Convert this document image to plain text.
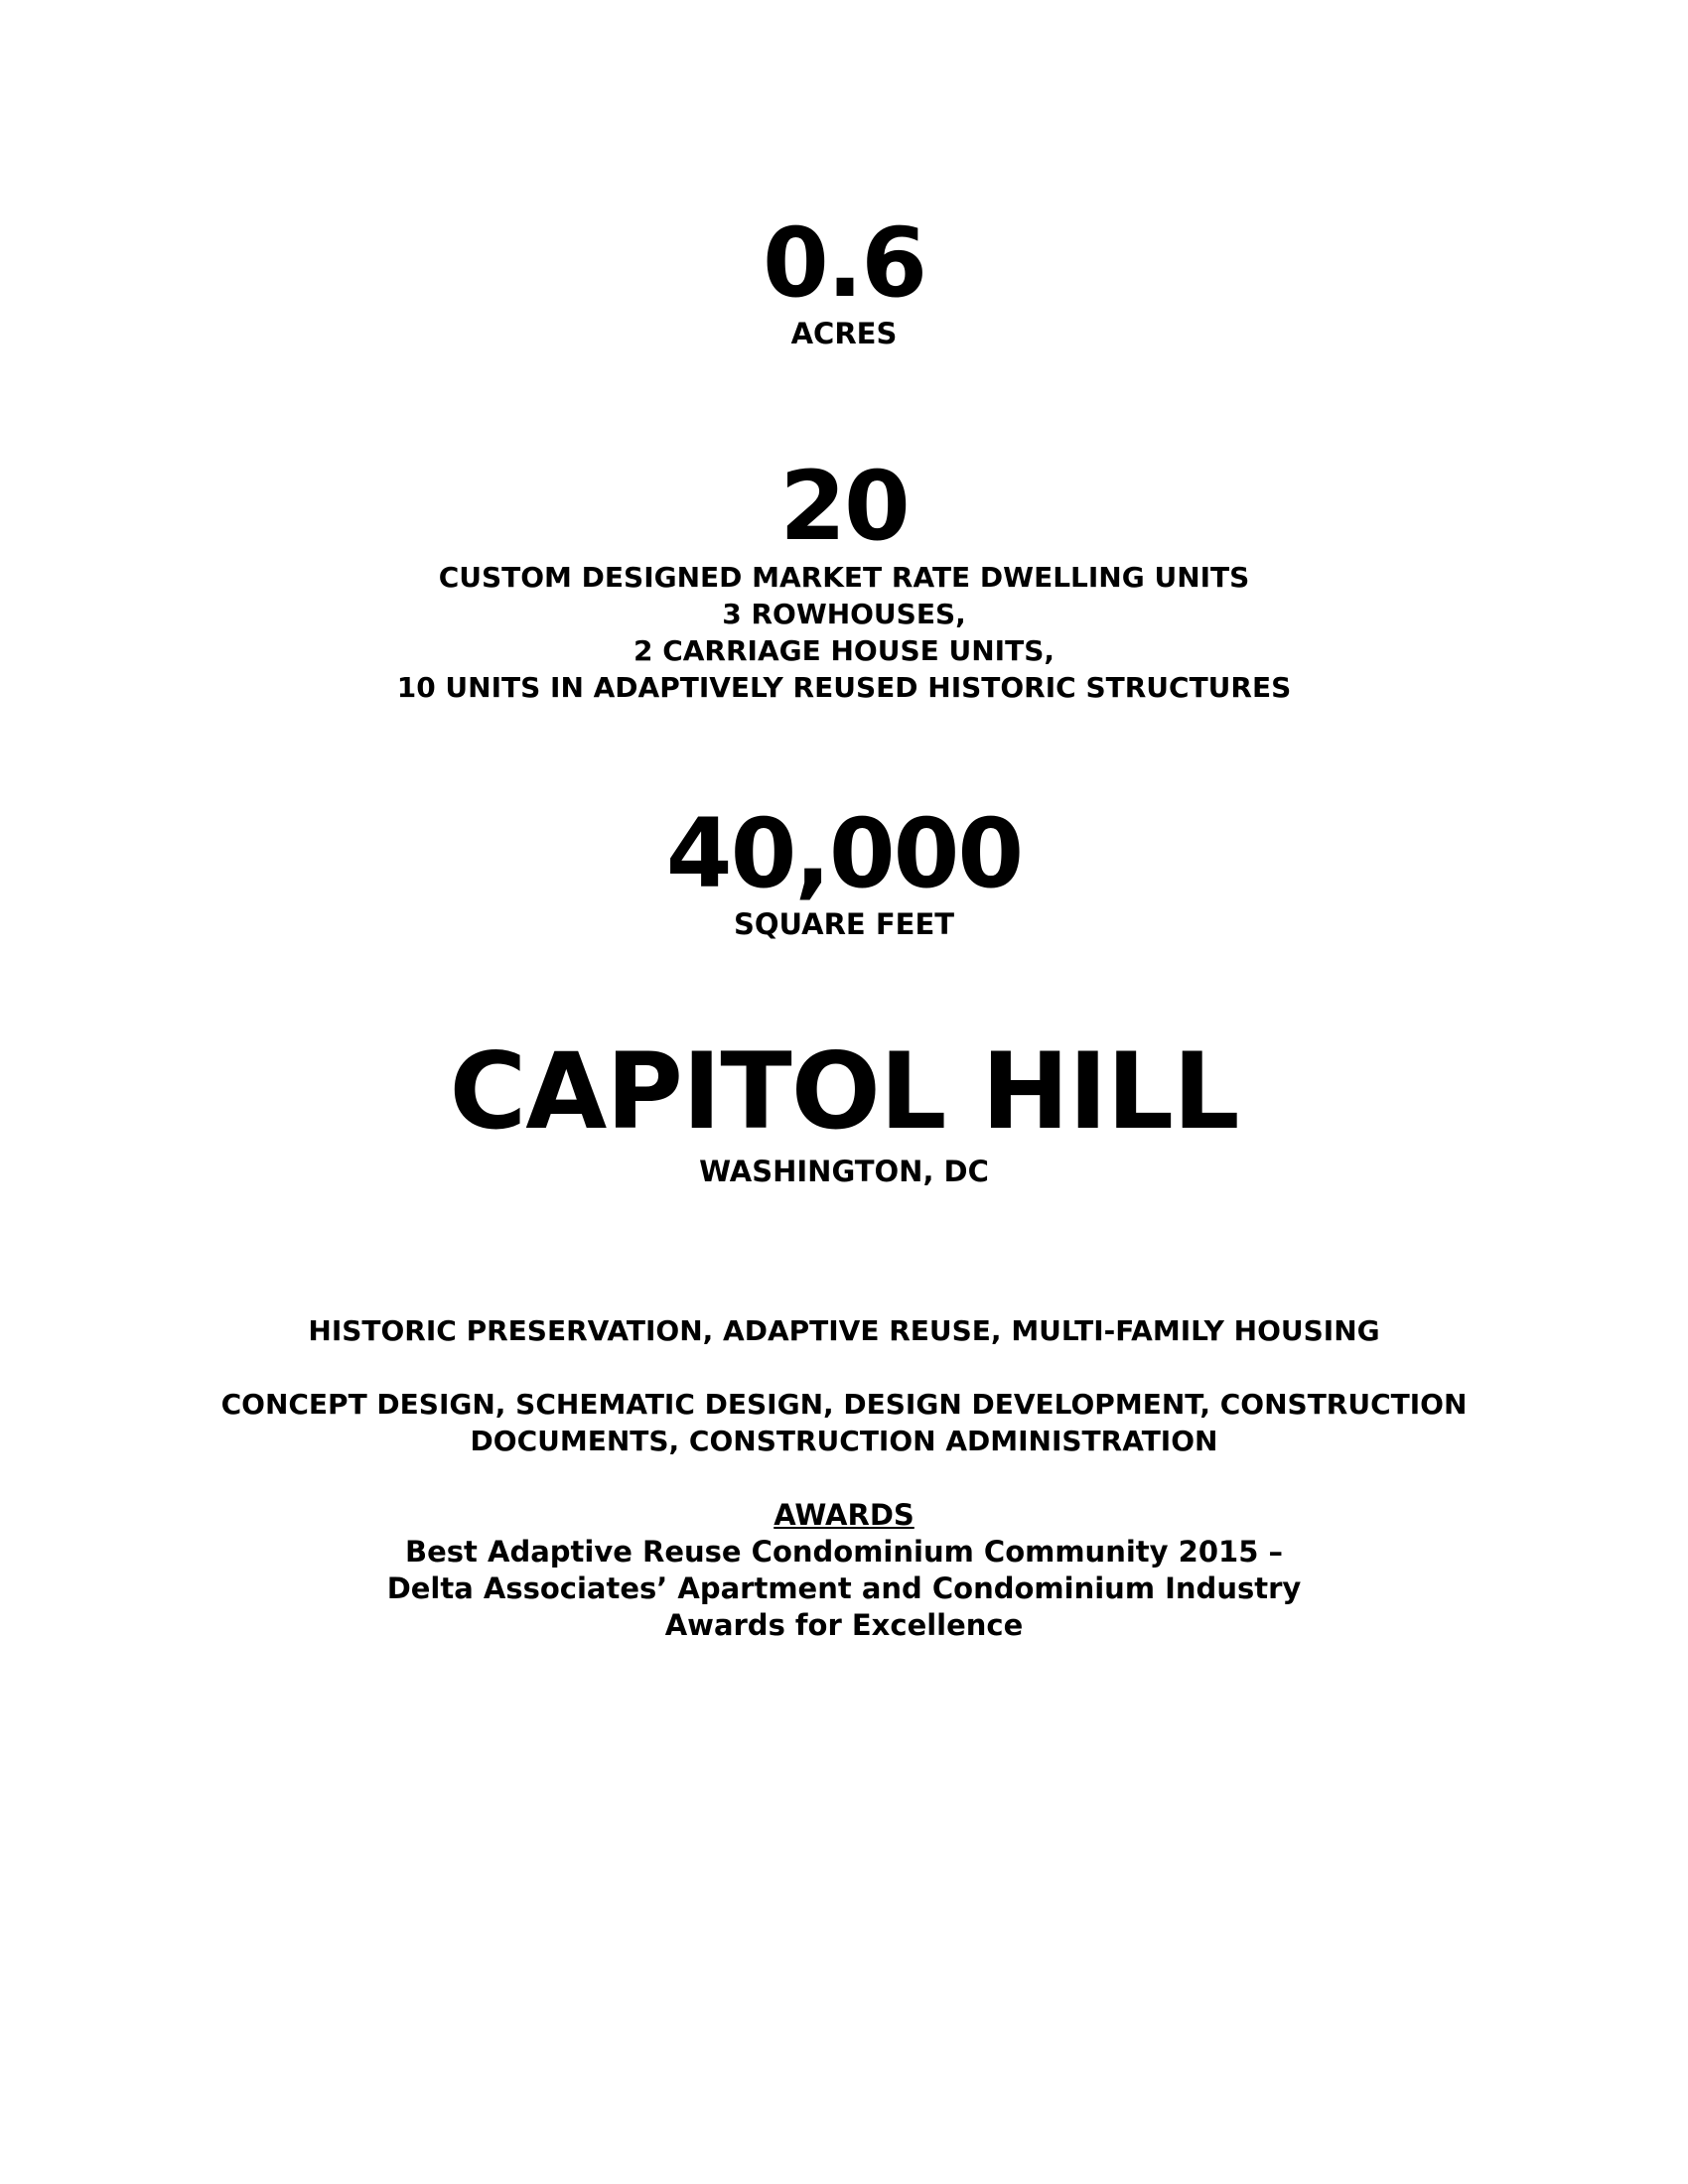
0.6
ACRES
20
CUSTOM DESIGNED MARKET RATE DWELLING UNITS
3 ROWHOUSES,
2 CARRIAGE HOUSE UNITS,
10 UNITS IN ADAPTIVELY REUSED HISTORIC STRUCTURES
40,000
SQUARE FEET
CAPITOL HILL
WASHINGTON, DC
HISTORIC PRESERVATION, ADAPTIVE REUSE, MULTI-FAMILY HOUSING
CONCEPT DESIGN, SCHEMATIC DESIGN, DESIGN DEVELOPMENT, CONSTRUCTION
DOCUMENTS, CONSTRUCTION ADMINISTRATION
AWARDS
Best Adaptive Reuse Condominium Community 2015 –
Delta Associates’ Apartment and Condominium Industry
Awards for Excellence
